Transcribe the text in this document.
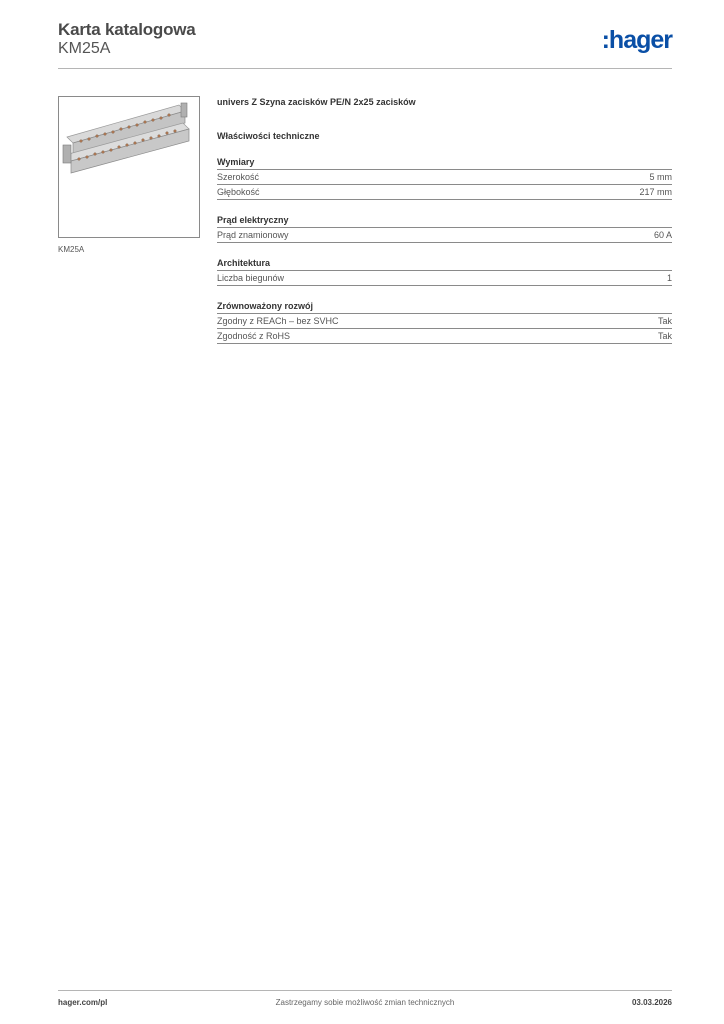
Karta katalogowa
KM25A	:hager
KM25A
univers Z Szyna zacisków PE/N 2x25 zacisków
Właściwości techniczne
Wymiary
Szerokość	5 mm
Głębokość	217 mm
Prąd elektryczny
Prąd znamionowy	60 A
Architektura
Liczba biegunów	1
Zrównoważony rozwój
Zgodny z REACh – bez SVHC	Tak
Zgodność z RoHS	Tak
hager.com/pl	Zastrzegamy sobie możliwość zmian technicznych	03.03.2026
